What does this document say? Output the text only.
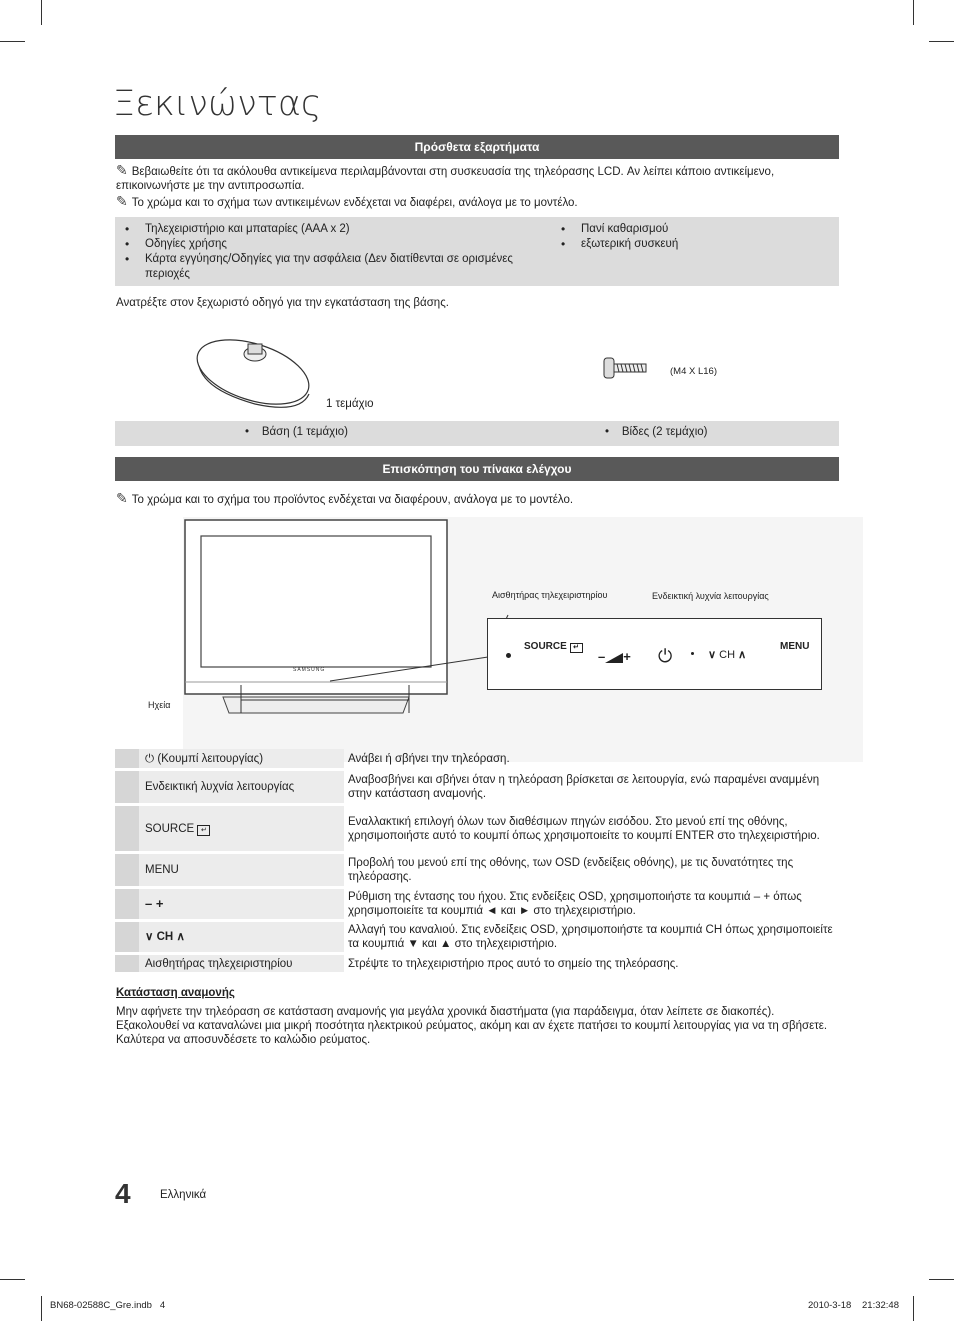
Ξεκινώντας
Πρόσθετα εξαρτήματα
✎ Βεβαιωθείτε ότι τα ακόλουθα αντικείμενα περιλαμβάνονται στη συσκευασία της τηλεόρασης LCD. Αν λείπει κάποιο αντικείμενο, επικοινωνήστε με την αντιπροσωπία.
✎ Το χρώμα και το σχήμα των αντικειμένων ενδέχεται να διαφέρει, ανάλογα με το μοντέλο.
• Τηλεχειριστήριο και μπαταρίες (AAA x 2)
• Οδηγίες χρήσης
• Κάρτα εγγύησης/Οδηγίες για την ασφάλεια (Δεν διατίθενται σε ορισμένες περιοχές
• Πανί καθαρισμού
• εξωτερική συσκευή
Ανατρέξτε στον ξεχωριστό οδηγό για την εγκατάσταση της βάσης.
1 τεμάχιο
(M4 X L16)
•    Βάση (1 τεμάχιο)	•    Βίδες (2 τεμάχιο)
Επισκόπηση του πίνακα ελέγχου
✎ Το χρώμα και το σχήμα του προϊόντος ενδέχεται να διαφέρουν, ανάλογα με το μοντέλο.
SAMSUNG
Αισθητήρας τηλεχειριστηρίου	Ενδεικτική λυχνία λειτουργίας
Ηχεία
SOURCE ↵
– + ⏻	∨ CH ∧
MENU
	⏻ (Κουμπί λειτουργίας)	Ανάβει ή σβήνει την τηλεόραση.
	Ενδεικτική λυχνία λειτουργίας	Αναβοσβήνει και σβήνει όταν η τηλεόραση βρίσκεται σε λειτουργία, ενώ παραμένει αναμμένη στην κατάσταση αναμονής.
	SOURCE ↵	Εναλλακτική επιλογή όλων των διαθέσιμων πηγών εισόδου. Στο μενού επί της οθόνης, χρησιμοποιήστε αυτό το κουμπί όπως χρησιμοποιείτε το κουμπί ENTER στο τηλεχειριστήριο.
	MENU	Προβολή του μενού επί της οθόνης, των OSD (ενδείξεις οθόνης), με τις δυνατότητες της τηλεόρασης.
	– +	Ρύθμιση της έντασης του ήχου. Στις ενδείξεις OSD, χρησιμοποιήστε τα κουμπιά – + όπως χρησιμοποιείτε τα κουμπιά ◄ και ► στο τηλεχειριστήριο.
	∨ CH ∧	Αλλαγή του καναλιού. Στις ενδείξεις OSD, χρησιμοποιήστε τα κουμπιά CH όπως χρησιμοποιείτε τα κουμπιά ▼ και ▲ στο τηλεχειριστήριο.
	Αισθητήρας τηλεχειριστηρίου	Στρέψτε το τηλεχειριστήριο προς αυτό το σημείο της τηλεόρασης.
Κατάσταση αναμονής
Μην αφήνετε την τηλεόραση σε κατάσταση αναμονής για μεγάλα χρονικά διαστήματα (για παράδειγμα, όταν λείπετε σε διακοπές). Εξακολουθεί να καταναλώνει μια μικρή ποσότητα ηλεκτρικού ρεύματος, ακόμη και αν έχετε πατήσει το κουμπί λειτουργίας για να τη σβήσετε. Καλύτερα να αποσυνδέσετε το καλώδιο ρεύματος.
4	Ελληνικά
BN68-02588C_Gre.indb   4	2010-3-18 21:32:48
